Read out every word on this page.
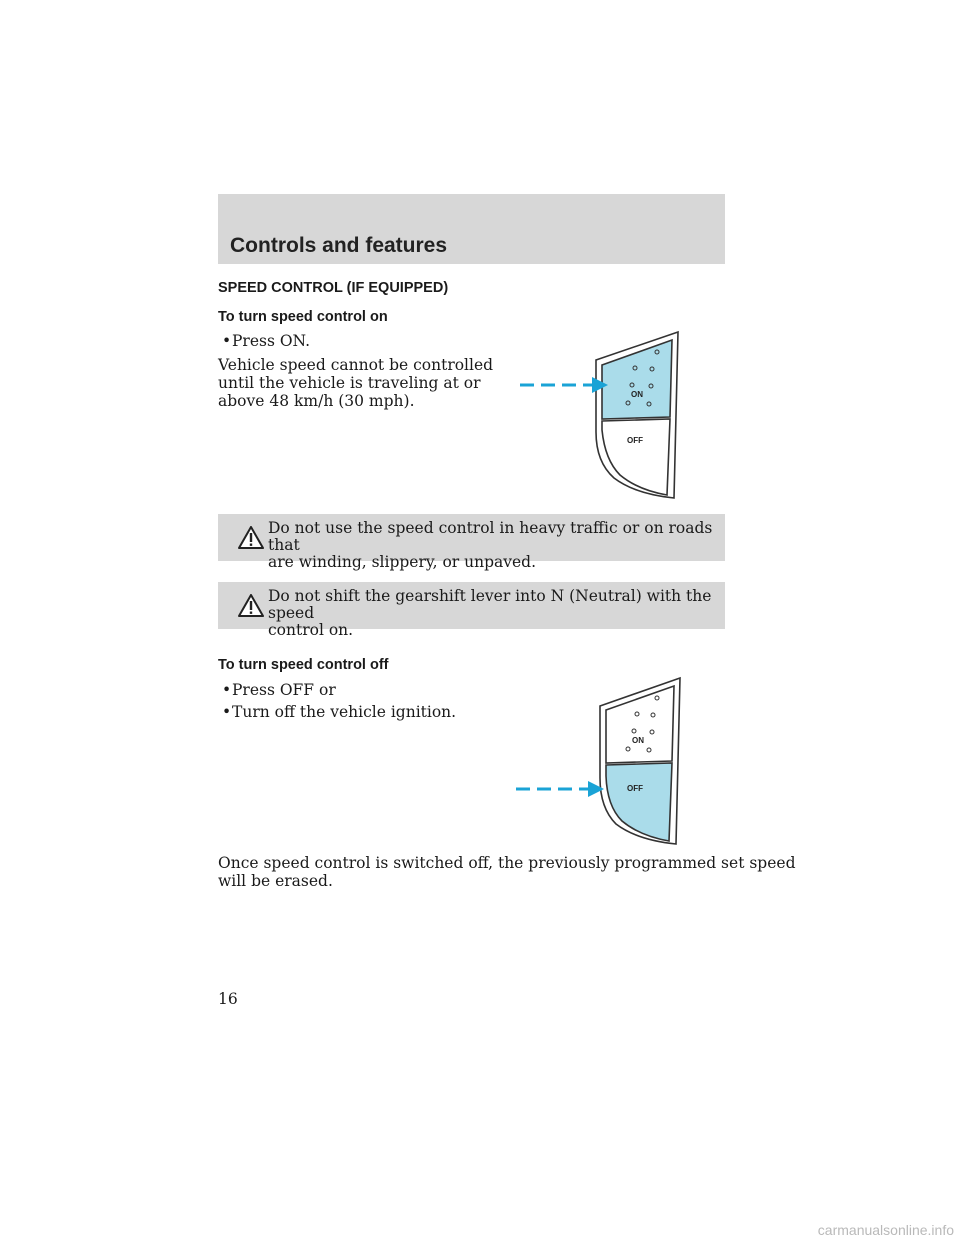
Controls and features
SPEED CONTROL (IF EQUIPPED)
To turn speed control on
• Press ON.
Vehicle speed cannot be controlled
until the vehicle is traveling at or
above 48 km/h (30 mph).	ON
OFF
Do not use the speed control in heavy traffic or on roads that
are winding, slippery, or unpaved.
Do not shift the gearshift lever into N (Neutral) with the speed
control on.
To turn speed control off
• Press OFF or
• Turn off the vehicle ignition.
ON
OFF
Once speed control is switched off, the previously programmed set speed
will be erased.
16
carmanualsonline.info
